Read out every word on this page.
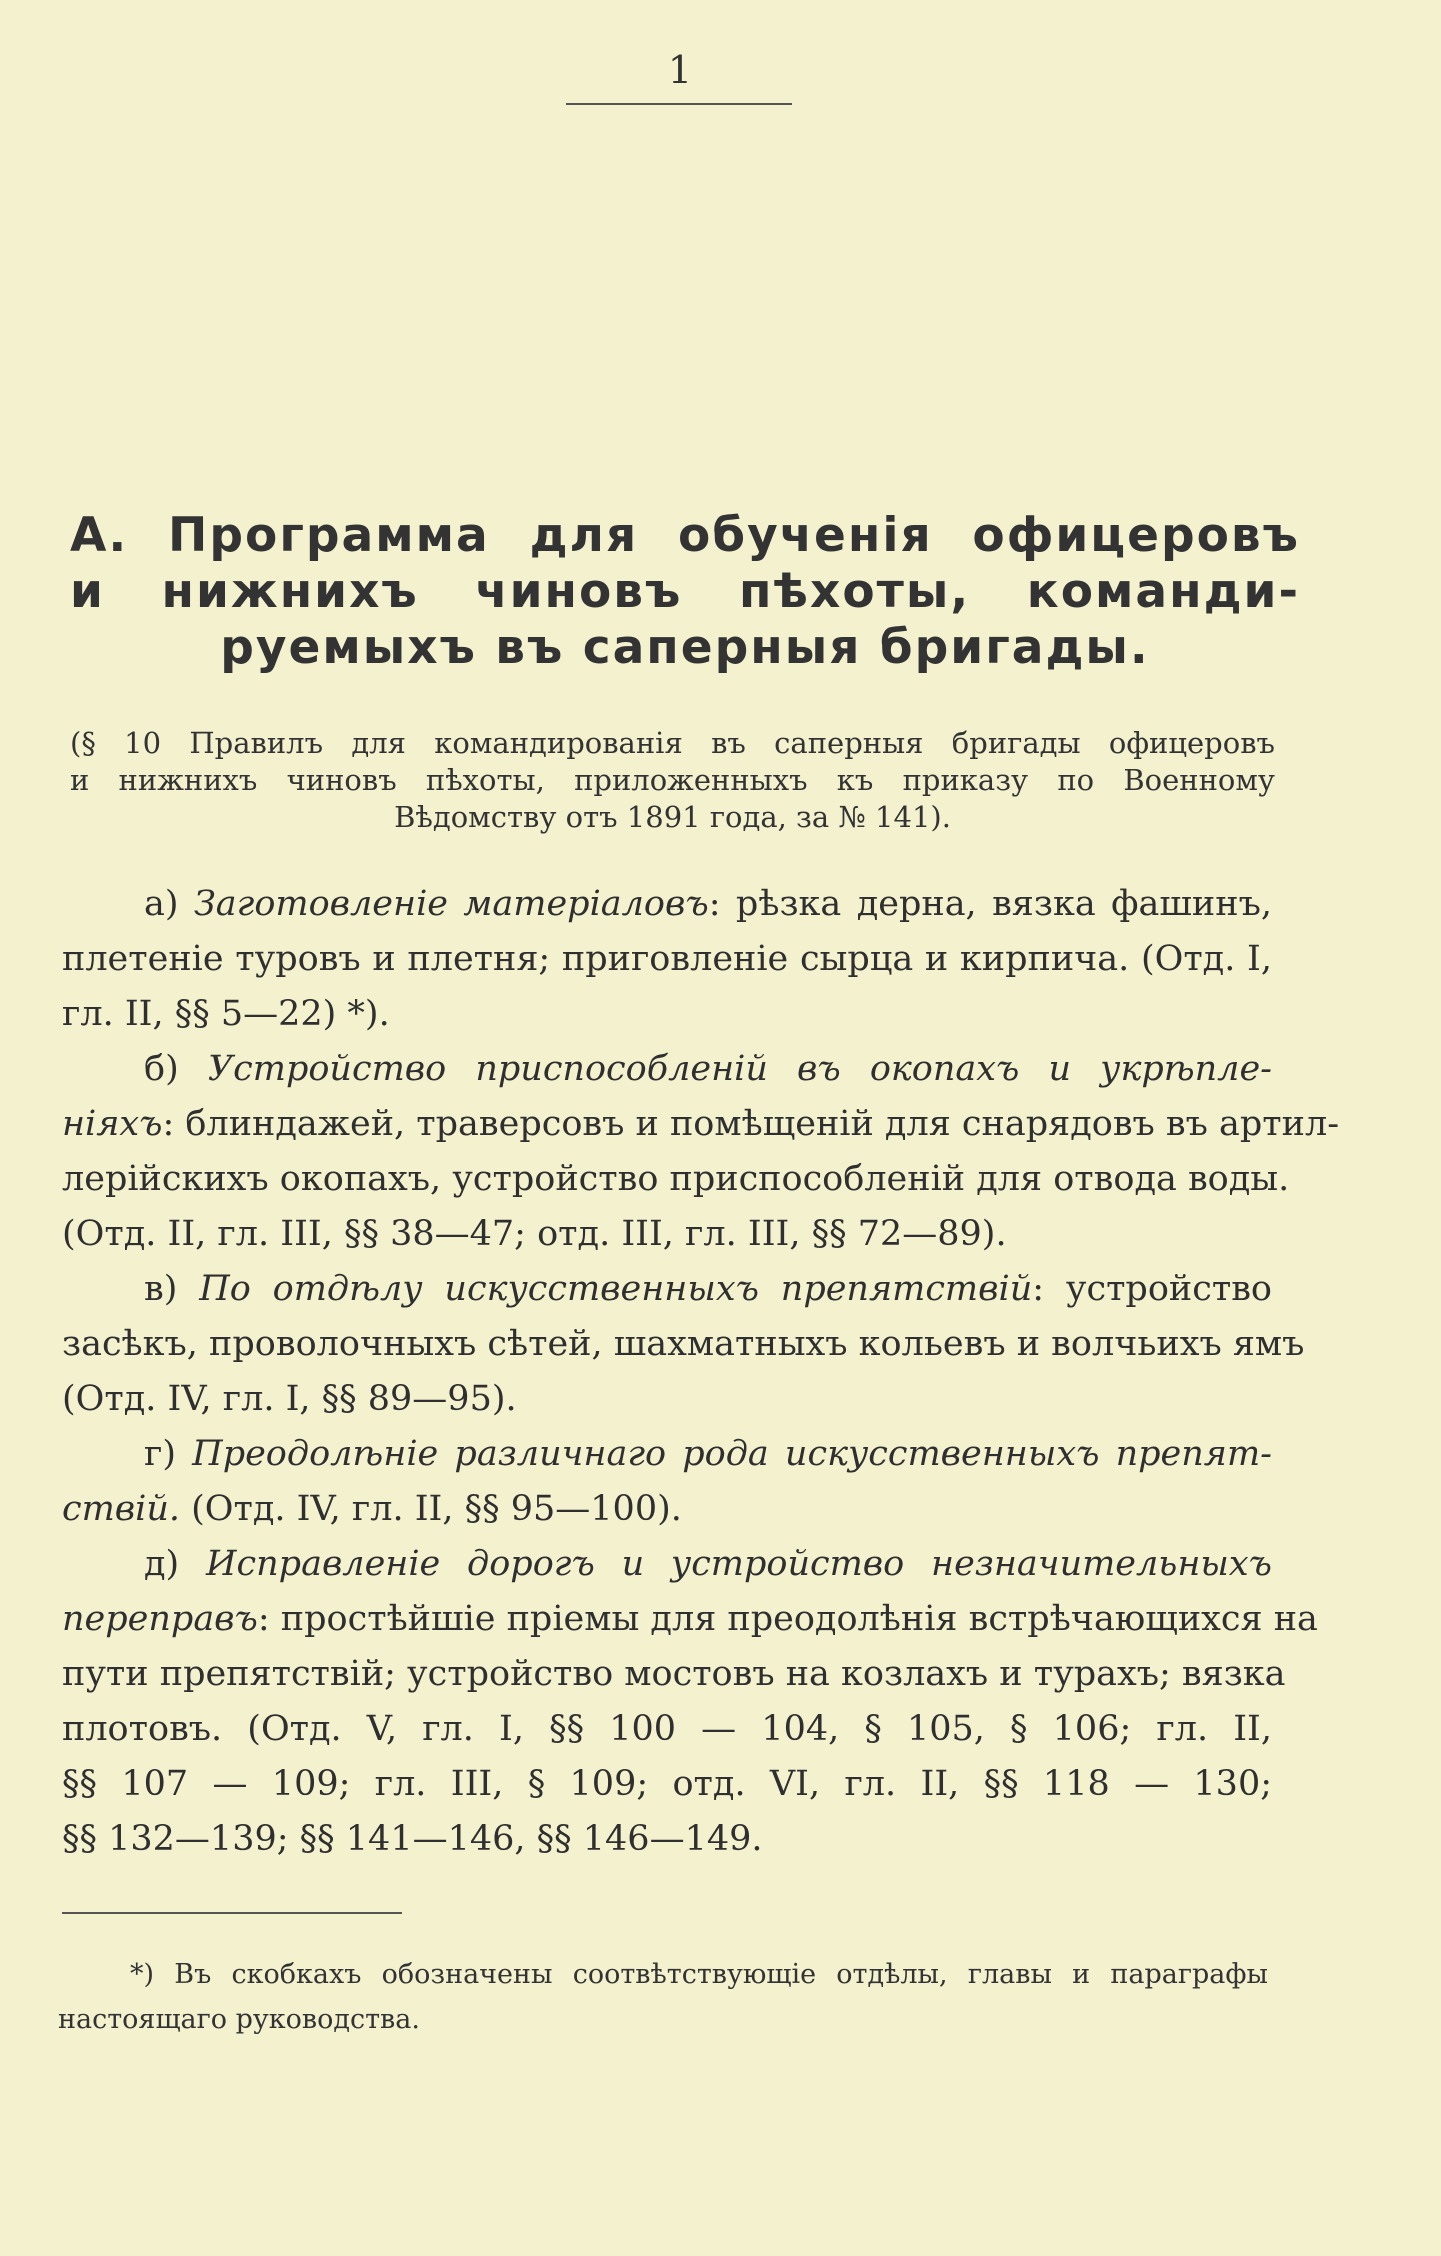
1
А. Программа для обученія офицеровъ
и нижнихъ чиновъ пѣхоты, команди-
руемыхъ въ саперныя бригады.
(§ 10 Правилъ для командированія въ саперныя бригады офицеровъ
и нижнихъ чиновъ пѣхоты, приложенныхъ къ приказу по Военному
Вѣдомству отъ 1891 года, за № 141).
а) Заготовленіе матеріаловъ: рѣзка дерна, вязка фашинъ,
плетеніе туровъ и плетня; приговленіе сырца и кирпича. (Отд. I,
гл. II, §§ 5—22) *).
б) Устройство приспособленій въ окопахъ и укрѣпле-
ніяхъ: блиндажей, траверсовъ и помѣщеній для снарядовъ въ артил-
лерійскихъ окопахъ, устройство приспособленій для отвода воды.
(Отд. II, гл. III, §§ 38—47; отд. III, гл. III, §§ 72—89).
в) По отдѣлу искусственныхъ препятствій: устройство
засѣкъ, проволочныхъ сѣтей, шахматныхъ кольевъ и волчьихъ ямъ
(Отд. IV, гл. I, §§ 89—95).
г) Преодолѣніе различнаго рода искусственныхъ препят-
ствій. (Отд. IV, гл. II, §§ 95—100).
д) Исправленіе дорогъ и устройство незначительныхъ
переправъ: простѣйшіе пріемы для преодолѣнія встрѣчающихся на
пути препятствій; устройство мостовъ на козлахъ и турахъ; вязка
плотовъ. (Отд. V, гл. I, §§ 100 — 104, § 105, § 106; гл. II,
§§ 107 — 109; гл. III, § 109; отд. VI, гл. II, §§ 118 — 130;
§§ 132—139; §§ 141—146, §§ 146—149.
*) Въ скобкахъ обозначены соотвѣтствующіе отдѣлы, главы и параграфы
настоящаго руководства.
